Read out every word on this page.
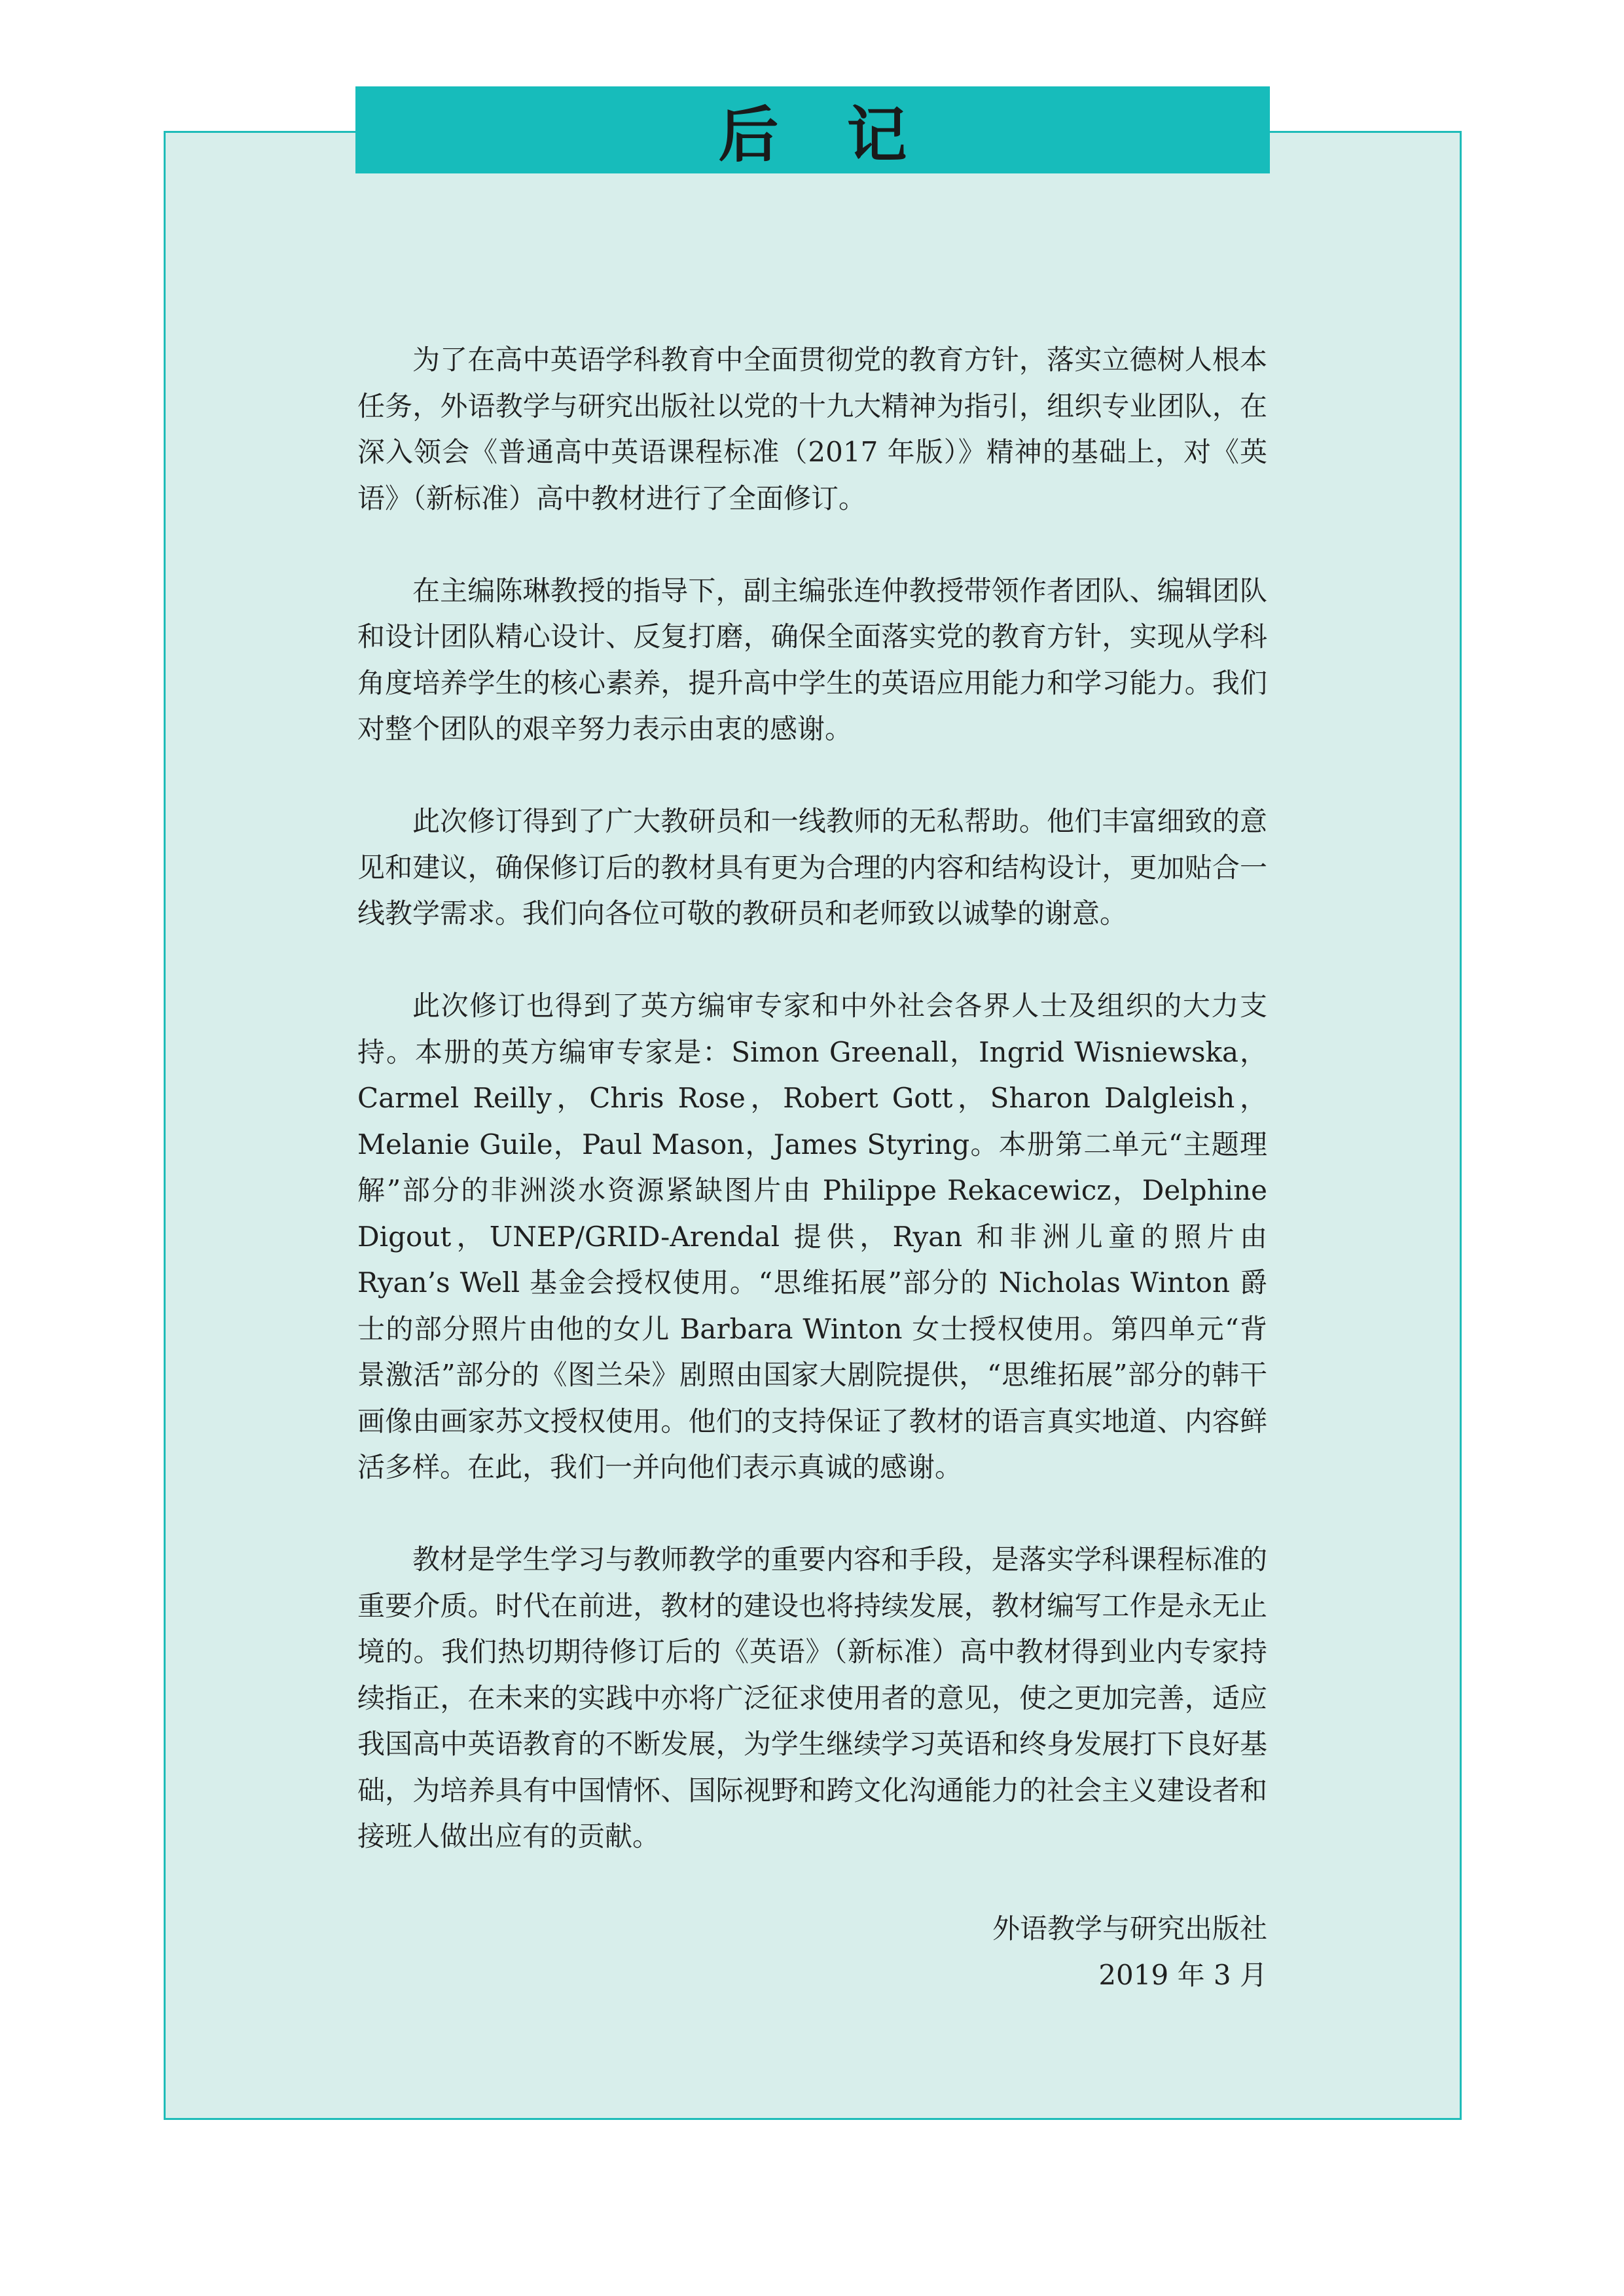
后 记

为了在高中英语学科教育中全面贯彻党的教育方针，落实立德树人根本任务，外语教学与研究出版社以党的十九大精神为指引，组织专业团队，在深入领会《普通高中英语课程标准（2017 年版）》精神的基础上，对《英语》（新标准）高中教材进行了全面修订。

在主编陈琳教授的指导下，副主编张连仲教授带领作者团队、编辑团队和设计团队精心设计、反复打磨，确保全面落实党的教育方针，实现从学科角度培养学生的核心素养，提升高中学生的英语应用能力和学习能力。我们对整个团队的艰辛努力表示由衷的感谢。

此次修订得到了广大教研员和一线教师的无私帮助。他们丰富细致的意见和建议，确保修订后的教材具有更为合理的内容和结构设计，更加贴合一线教学需求。我们向各位可敬的教研员和老师致以诚挚的谢意。

此次修订也得到了英方编审专家和中外社会各界人士及组织的大力支持。本册的英方编审专家是：Simon Greenall，Ingrid Wisniewska，Carmel Reilly，Chris Rose，Robert Gott，Sharon Dalgleish，Melanie Guile，Paul Mason，James Styring。本册第二单元“主题理解”部分的非洲淡水资源紧缺图片由 Philippe Rekacewicz，Delphine Digout，UNEP/GRID-Arendal 提供，Ryan 和非洲儿童的照片由 Ryan’s Well 基金会授权使用。“思维拓展”部分的 Nicholas Winton 爵士的部分照片由他的女儿 Barbara Winton 女士授权使用。第四单元“背景激活”部分的《图兰朵》剧照由国家大剧院提供，“思维拓展”部分的韩干画像由画家苏文授权使用。他们的支持保证了教材的语言真实地道、内容鲜活多样。在此，我们一并向他们表示真诚的感谢。

教材是学生学习与教师教学的重要内容和手段，是落实学科课程标准的重要介质。时代在前进，教材的建设也将持续发展，教材编写工作是永无止境的。我们热切期待修订后的《英语》（新标准）高中教材得到业内专家持续指正，在未来的实践中亦将广泛征求使用者的意见，使之更加完善，适应我国高中英语教育的不断发展，为学生继续学习英语和终身发展打下良好基础，为培养具有中国情怀、国际视野和跨文化沟通能力的社会主义建设者和接班人做出应有的贡献。

外语教学与研究出版社
2019 年 3 月
